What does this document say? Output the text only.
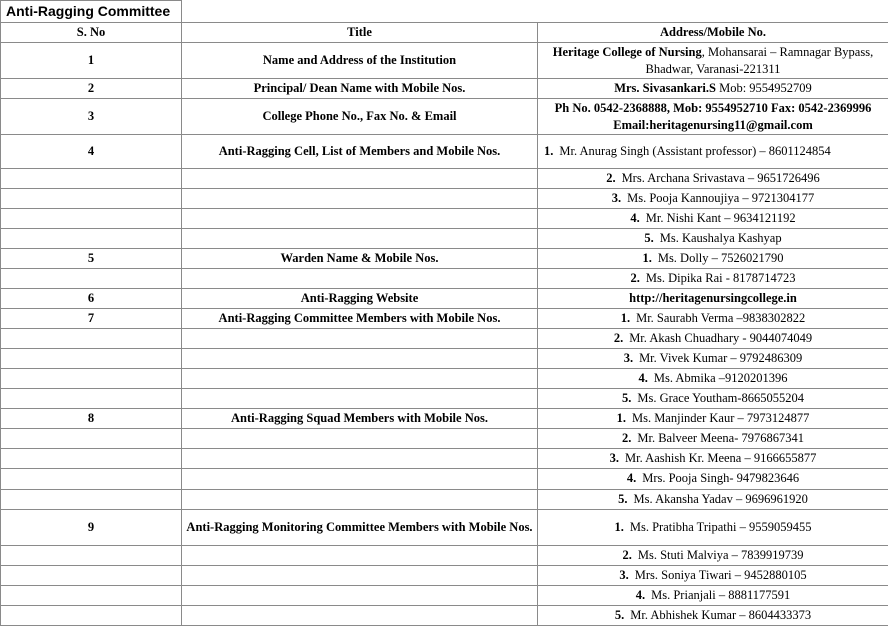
Anti-Ragging Committee		
S. No	Title	Address/Mobile No.
1	Name and Address of the Institution	Heritage College of Nursing, Mohansarai – Ramnagar Bypass, Bhadwar, Varanasi-221311
2	Principal/ Dean Name with Mobile Nos.	Mrs. Sivasankari.S Mob: 9554952709
3	College Phone No., Fax No. & Email	Ph No. 0542-2368888, Mob: 9554952710 Fax: 0542-2369996 Email:heritagenursing11@gmail.com
4	Anti-Ragging Cell, List of Members and Mobile Nos.	1. Mr. Anurag Singh (Assistant professor) – 8601124854
		2. Mrs. Archana Srivastava – 9651726496
		3. Ms. Pooja Kannoujiya – 9721304177
		4. Mr. Nishi Kant – 9634121192
		5. Ms. Kaushalya Kashyap
5	Warden Name & Mobile Nos.	1. Ms. Dolly – 7526021790
		2. Ms. Dipika Rai - 8178714723
6	Anti-Ragging Website	http://heritagenursingcollege.in
7	Anti-Ragging Committee Members with Mobile Nos.	1. Mr. Saurabh Verma –9838302822
		2. Mr. Akash Chuadhary - 9044074049
		3. Mr. Vivek Kumar – 9792486309
		4. Ms. Abmika –9120201396
		5. Ms. Grace Youtham-8665055204
8	Anti-Ragging Squad Members with Mobile Nos.	1. Ms. Manjinder Kaur – 7973124877
		2. Mr. Balveer Meena- 7976867341
		3. Mr. Aashish Kr. Meena – 9166655877
		4. Mrs. Pooja Singh- 9479823646
		5. Ms. Akansha Yadav – 9696961920
9	Anti-Ragging Monitoring Committee Members with Mobile Nos.	1. Ms. Pratibha Tripathi – 9559059455
		2. Ms. Stuti Malviya – 7839919739
		3. Mrs. Soniya Tiwari – 9452880105
		4. Ms. Prianjali – 8881177591
		5. Mr. Abhishek Kumar – 8604433373
